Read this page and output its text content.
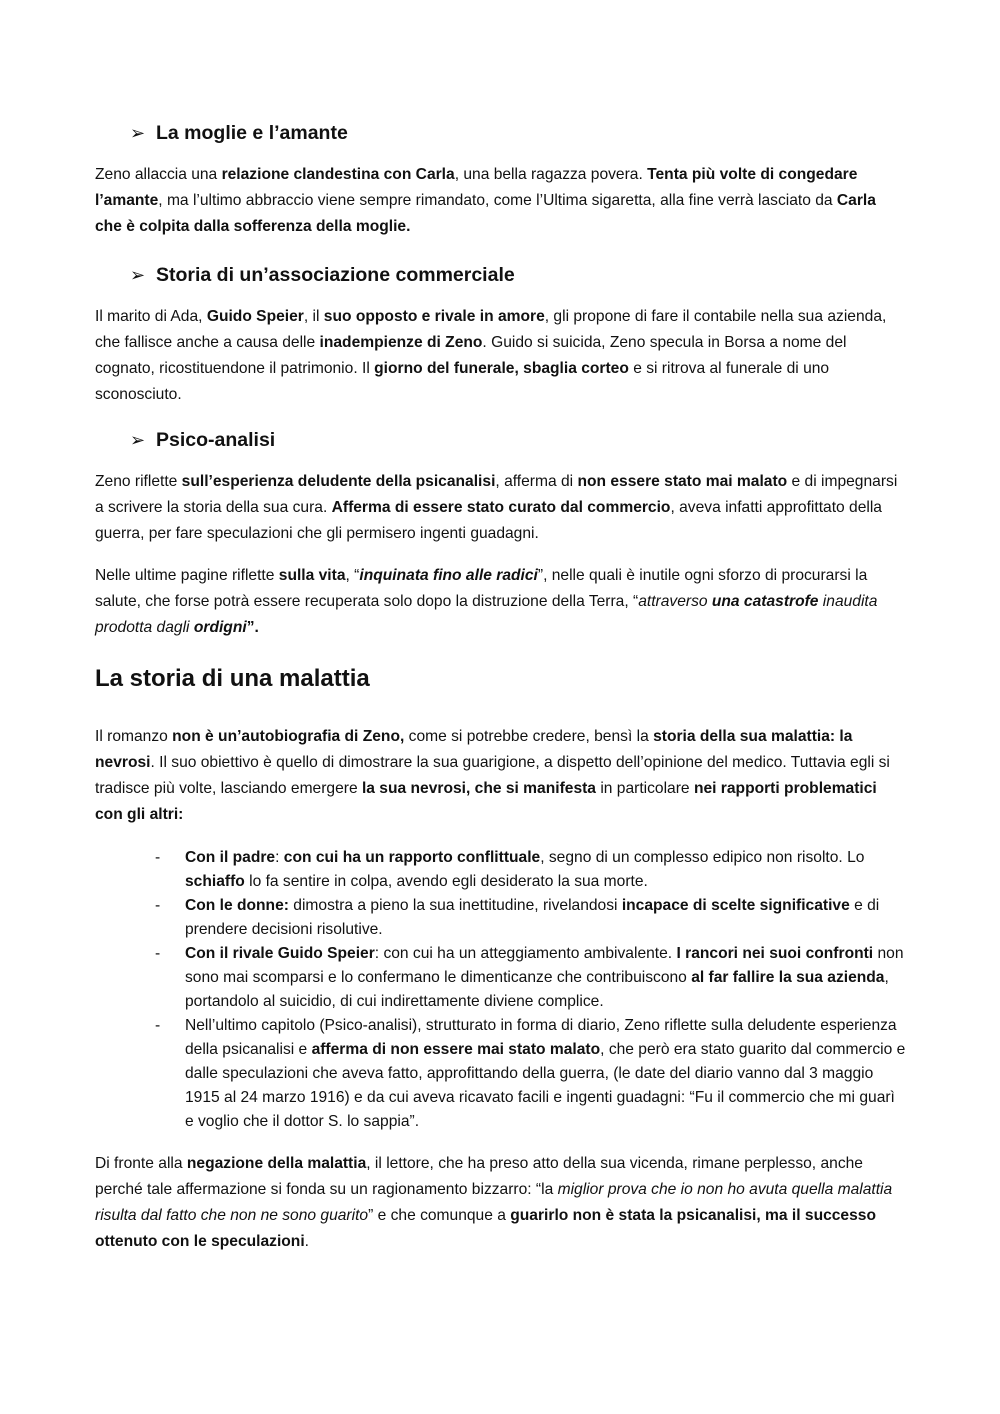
➢ La moglie e l’amante

Zeno allaccia una relazione clandestina con Carla, una bella ragazza povera. Tenta più volte di congedare l’amante, ma l’ultimo abbraccio viene sempre rimandato, come l’Ultima sigaretta, alla fine verrà lasciato da Carla che è colpita dalla sofferenza della moglie.

➢ Storia di un’associazione commerciale

Il marito di Ada, Guido Speier, il suo opposto e rivale in amore, gli propone di fare il contabile nella sua azienda, che fallisce anche a causa delle inadempienze di Zeno. Guido si suicida, Zeno specula in Borsa a nome del cognato, ricostituendone il patrimonio. Il giorno del funerale, sbaglia corteo e si ritrova al funerale di uno sconosciuto.

➢ Psico-analisi

Zeno riflette sull’esperienza deludente della psicanalisi, afferma di non essere stato mai malato e di impegnarsi a scrivere la storia della sua cura. Afferma di essere stato curato dal commercio, aveva infatti approfittato della guerra, per fare speculazioni che gli permisero ingenti guadagni.

Nelle ultime pagine riflette sulla vita, “inquinata fino alle radici”, nelle quali è inutile ogni sforzo di procurarsi la salute, che forse potrà essere recuperata solo dopo la distruzione della Terra, “attraverso una catastrofe inaudita prodotta dagli ordigni”.

La storia di una malattia

Il romanzo non è un’autobiografia di Zeno, come si potrebbe credere, bensì la storia della sua malattia: la nevrosi. Il suo obiettivo è quello di dimostrare la sua guarigione, a dispetto dell’opinione del medico. Tuttavia egli si tradisce più volte, lasciando emergere la sua nevrosi, che si manifesta in particolare nei rapporti problematici con gli altri:

- Con il padre: con cui ha un rapporto conflittuale, segno di un complesso edipico non risolto. Lo schiaffo lo fa sentire in colpa, avendo egli desiderato la sua morte.
- Con le donne: dimostra a pieno la sua inettitudine, rivelandosi incapace di scelte significative e di prendere decisioni risolutive.
- Con il rivale Guido Speier: con cui ha un atteggiamento ambivalente. I rancori nei suoi confronti non sono mai scomparsi e lo confermano le dimenticanze che contribuiscono al far fallire la sua azienda, portandolo al suicidio, di cui indirettamente diviene complice.
- Nell’ultimo capitolo (Psico-analisi), strutturato in forma di diario, Zeno riflette sulla deludente esperienza della psicanalisi e afferma di non essere mai stato malato, che però era stato guarito dal commercio e dalle speculazioni che aveva fatto, approfittando della guerra, (le date del diario vanno dal 3 maggio 1915 al 24 marzo 1916) e da cui aveva ricavato facili e ingenti guadagni: “Fu il commercio che mi guarì e voglio che il dottor S. lo sappia”.

Di fronte alla negazione della malattia, il lettore, che ha preso atto della sua vicenda, rimane perplesso, anche perché tale affermazione si fonda su un ragionamento bizzarro: “la miglior prova che io non ho avuta quella malattia risulta dal fatto che non ne sono guarito” e che comunque a guarirlo non è stata la psicanalisi, ma il successo ottenuto con le speculazioni.
